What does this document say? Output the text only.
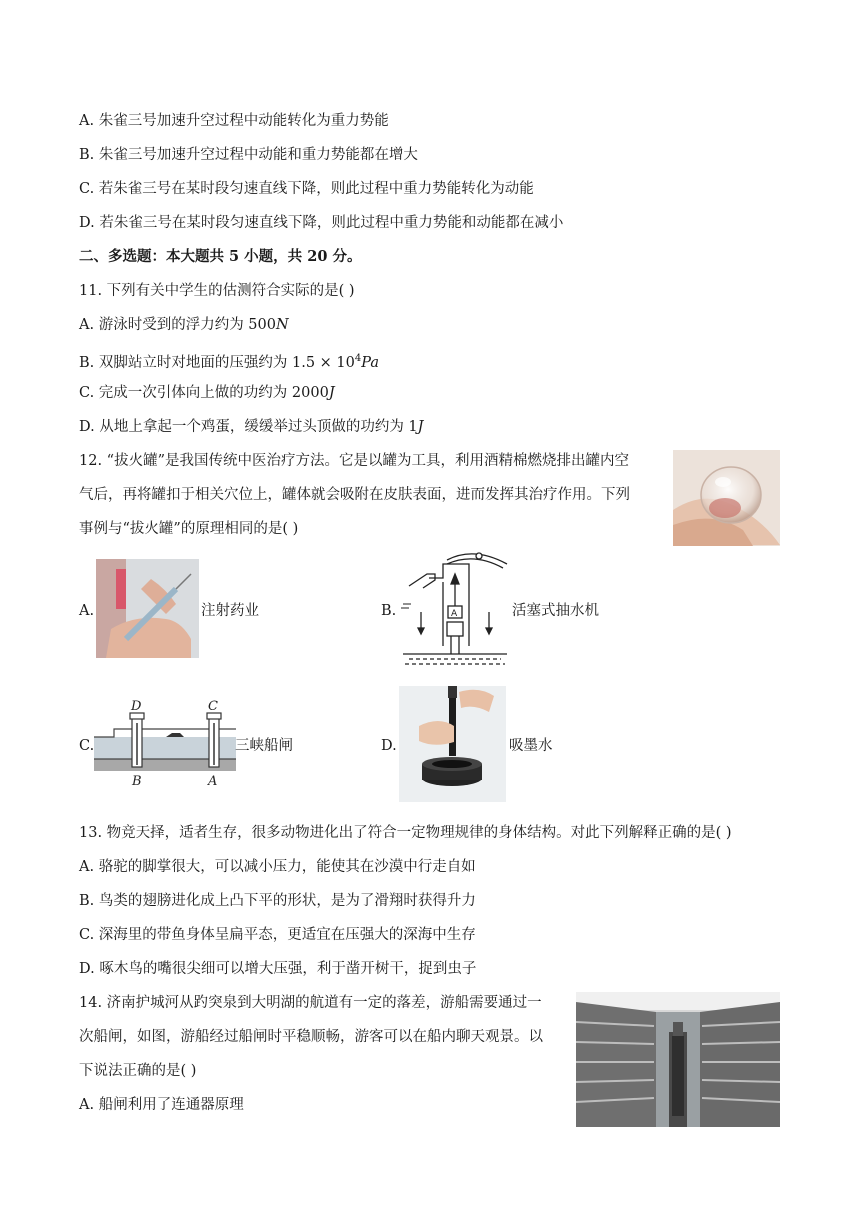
A. 朱雀三号加速升空过程中动能转化为重力势能
B. 朱雀三号加速升空过程中动能和重力势能都在增大
C. 若朱雀三号在某时段匀速直线下降，则此过程中重力势能转化为动能
D. 若朱雀三号在某时段匀速直线下降，则此过程中重力势能和动能都在减小
二、多选题：本大题共 5 小题，共 20 分。
11. 下列有关中学生的估测符合实际的是( )
A. 游泳时受到的浮力约为 500N
B. 双脚站立时对地面的压强约为 $1.5 \times 10^4Pa$
C. 完成一次引体向上做的功约为 2000J
D. 从地上拿起一个鸡蛋，缓缓举过头顶做的功约为 1J
12. “拔火罐”是我国传统中医治疗方法。它是以罐为工具，利用酒精棉燃烧排出罐内空
气后，再将罐扣于相关穴位上，罐体就会吸附在皮肤表面，进而发挥其治疗作用。下列
事例与“拔火罐”的原理相同的是( )
A.	注射药业	B.	A	活塞式抽水机
C.
D	C
B	A
三峡船闸	D.	吸墨水
13. 物竞天择，适者生存，很多动物进化出了符合一定物理规律的身体结构。对此下列解释正确的是( )
A. 骆驼的脚掌很大，可以减小压力，能使其在沙漠中行走自如
B. 鸟类的翅膀进化成上凸下平的形状，是为了滑翔时获得升力
C. 深海里的带鱼身体呈扁平态，更适宜在压强大的深海中生存
D. 啄木鸟的嘴很尖细可以增大压强，利于凿开树干，捉到虫子
14. 济南护城河从趵突泉到大明湖的航道有一定的落差，游船需要通过一
次船闸，如图，游船经过船闸时平稳顺畅，游客可以在船内聊天观景。以
下说法正确的是( )
A. 船闸利用了连通器原理
